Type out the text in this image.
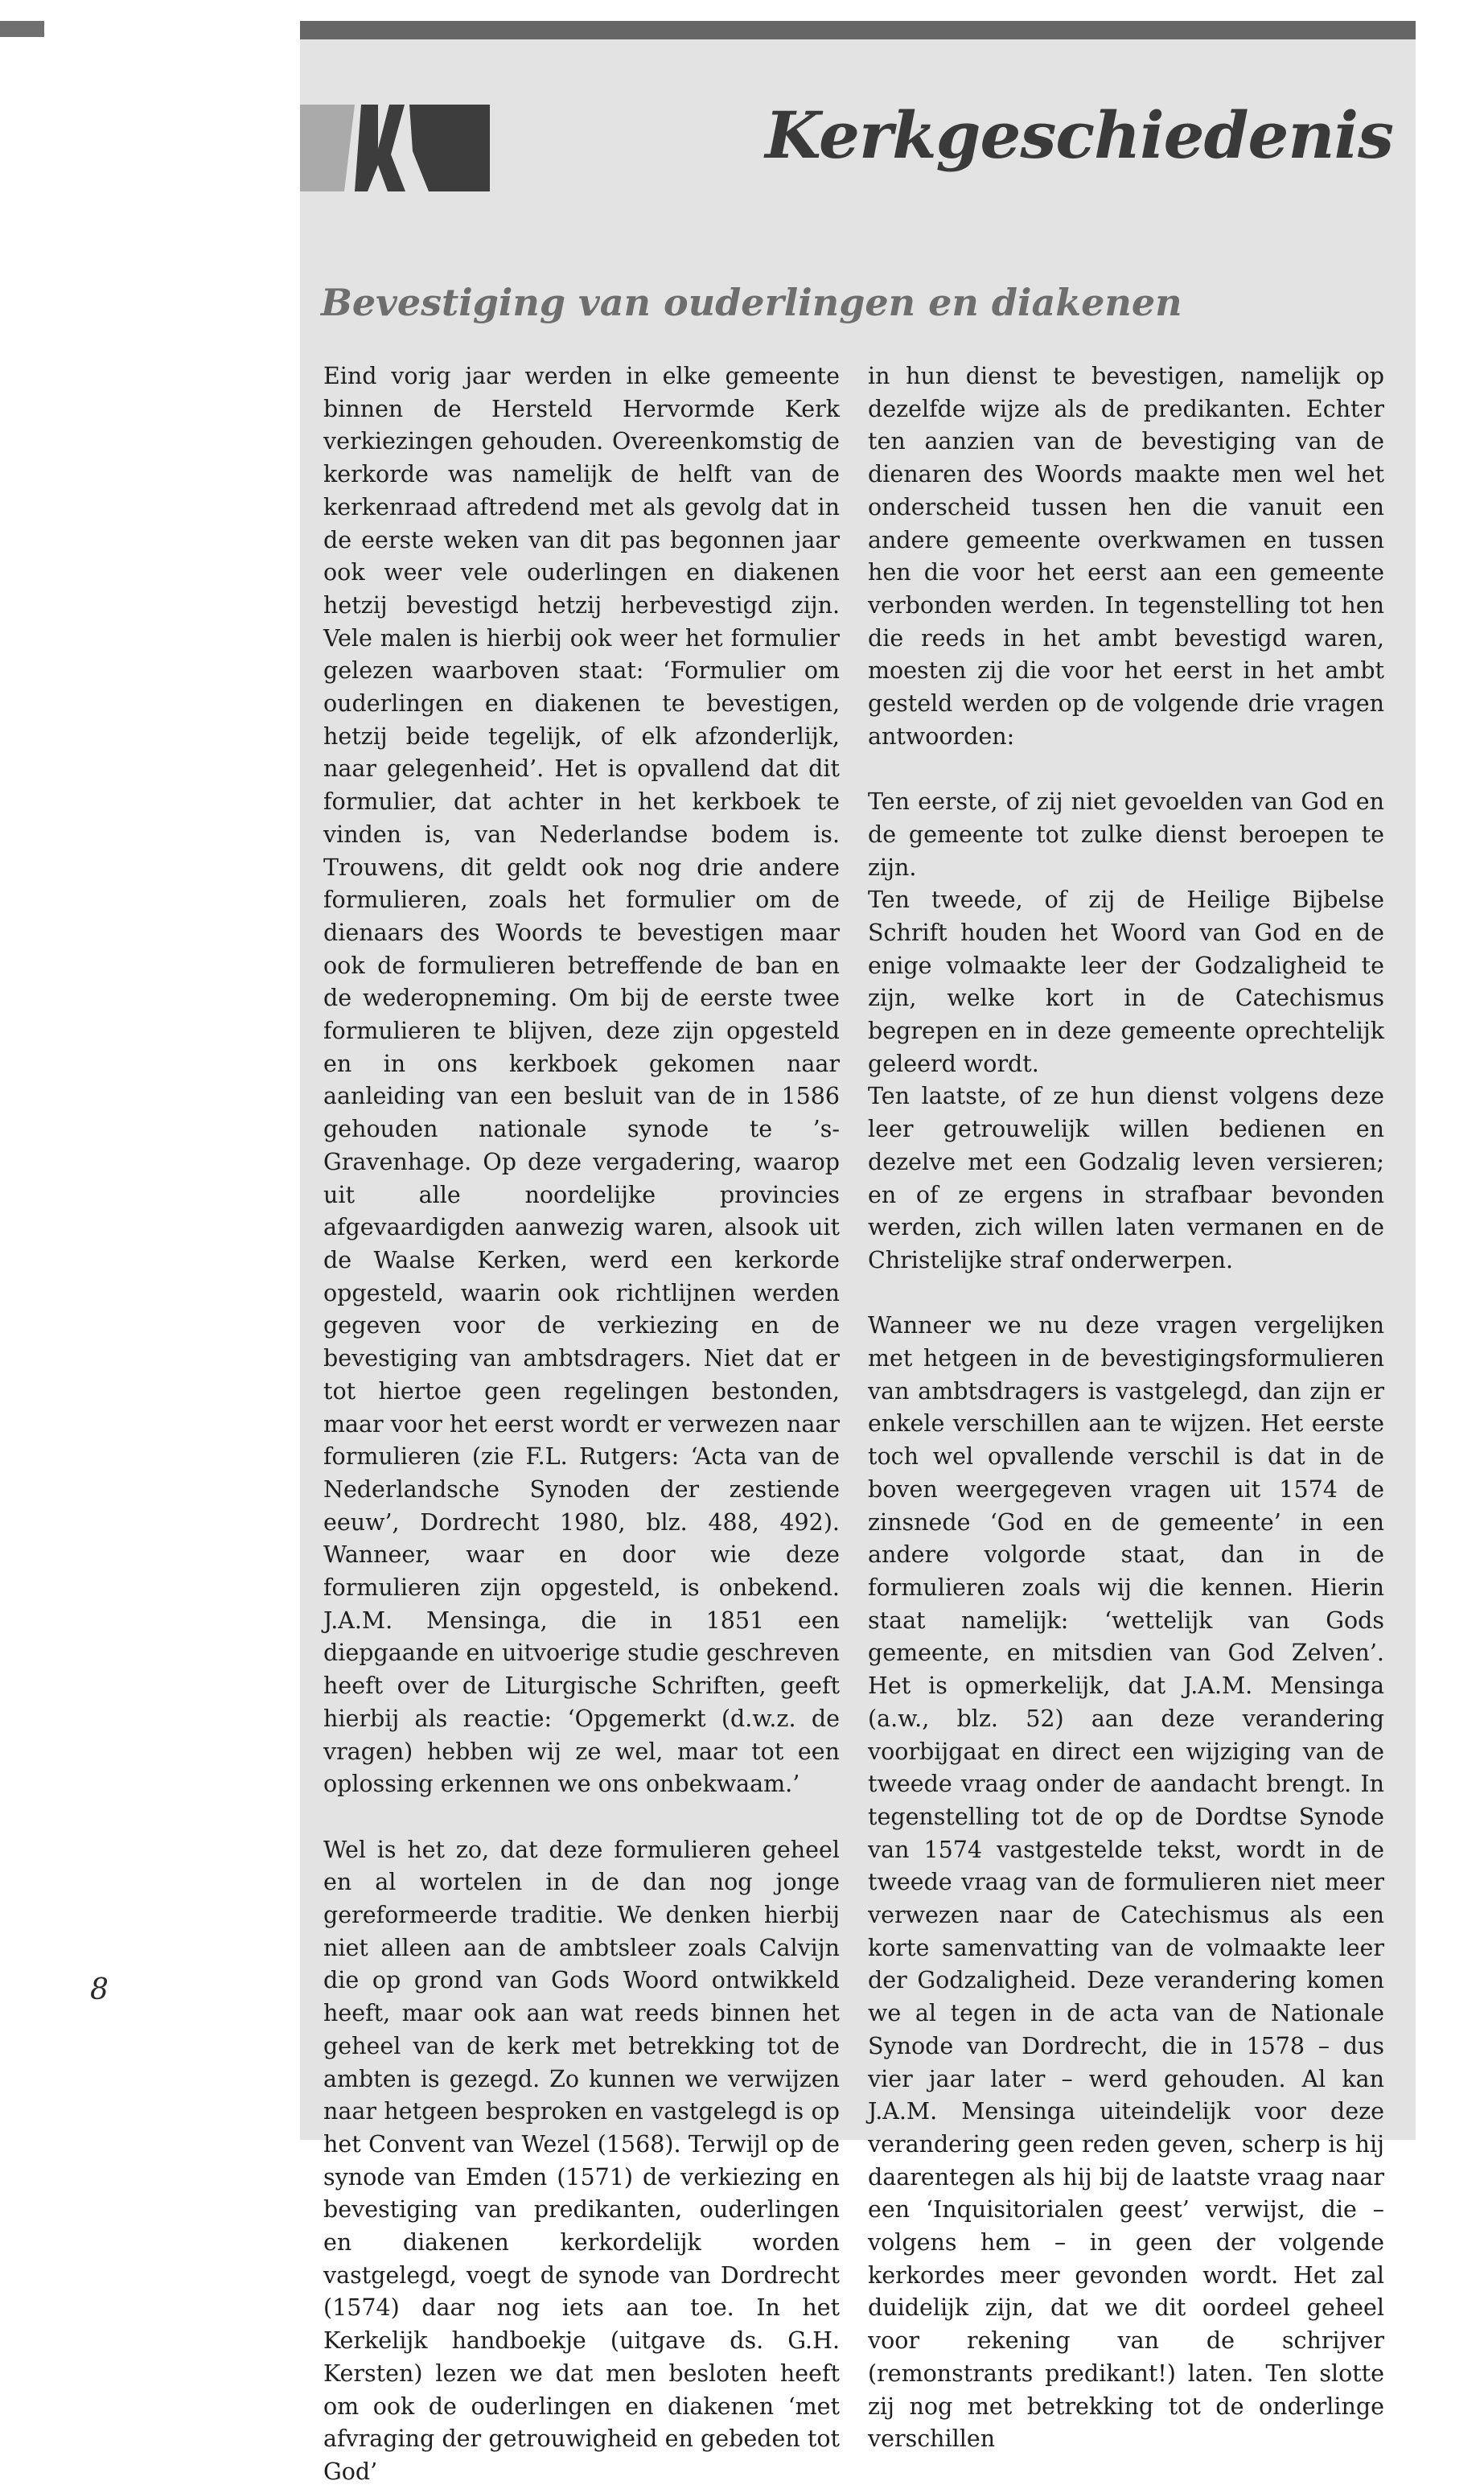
Kerkgeschiedenis
Bevestiging van ouderlingen en diakenen

Eind vorig jaar werden in elke gemeente binnen de Hersteld Hervormde Kerk verkiezingen gehouden. Overeenkomstig de kerkorde was namelijk de helft van de kerkenraad aftredend met als gevolg dat in de eerste weken van dit pas begonnen jaar ook weer vele ouderlingen en diakenen hetzij bevestigd hetzij herbevestigd zijn. Vele malen is hierbij ook weer het formulier gelezen waarboven staat: ‘Formulier om ouderlingen en diakenen te bevestigen, hetzij beide tegelijk, of elk afzonderlijk, naar gelegenheid’. Het is opvallend dat dit formulier, dat achter in het kerkboek te vinden is, van Nederlandse bodem is. Trouwens, dit geldt ook nog drie andere formulieren, zoals het formulier om de dienaars des Woords te bevestigen maar ook de formulieren betreffende de ban en de wederopneming. Om bij de eerste twee formulieren te blijven, deze zijn opgesteld en in ons kerkboek gekomen naar aanleiding van een besluit van de in 1586 gehouden nationale synode te ’s-Gravenhage. Op deze vergadering, waarop uit alle noordelijke provincies afgevaardigden aanwezig waren, alsook uit de Waalse Kerken, werd een kerkorde opgesteld, waarin ook richtlijnen werden gegeven voor de verkiezing en de bevestiging van ambtsdragers. Niet dat er tot hiertoe geen regelingen bestonden, maar voor het eerst wordt er verwezen naar formulieren (zie F.L. Rutgers: ‘Acta van de Nederlandsche Synoden der zestiende eeuw’, Dordrecht 1980, blz. 488, 492). Wanneer, waar en door wie deze formulieren zijn opgesteld, is onbekend. J.A.M. Mensinga, die in 1851 een diepgaande en uitvoerige studie geschreven heeft over de Liturgische Schriften, geeft hierbij als reactie: ‘Opgemerkt (d.w.z. de vragen) hebben wij ze wel, maar tot een oplossing erkennen we ons onbekwaam.’

Wel is het zo, dat deze formulieren geheel en al wortelen in de dan nog jonge gereformeerde traditie. We denken hierbij niet alleen aan de ambtsleer zoals Calvijn die op grond van Gods Woord ontwikkeld heeft, maar ook aan wat reeds binnen het geheel van de kerk met betrekking tot de ambten is gezegd. Zo kunnen we verwijzen naar hetgeen besproken en vastgelegd is op het Convent van Wezel (1568). Terwijl op de synode van Emden (1571) de verkiezing en bevestiging van predikanten, ouderlingen en diakenen kerkordelijk worden vastgelegd, voegt de synode van Dordrecht (1574) daar nog iets aan toe. In het Kerkelijk handboekje (uitgave ds. G.H. Kersten) lezen we dat men besloten heeft om ook de ouderlingen en diakenen ‘met afvraging der getrouwigheid en gebeden tot God’

in hun dienst te bevestigen, namelijk op dezelfde wijze als de predikanten. Echter ten aanzien van de bevestiging van de dienaren des Woords maakte men wel het onderscheid tussen hen die vanuit een andere gemeente overkwamen en tussen hen die voor het eerst aan een gemeente verbonden werden. In tegenstelling tot hen die reeds in het ambt bevestigd waren, moesten zij die voor het eerst in het ambt gesteld werden op de volgende drie vragen antwoorden:

Ten eerste, of zij niet gevoelden van God en de gemeente tot zulke dienst beroepen te zijn.

Ten tweede, of zij de Heilige Bijbelse Schrift houden het Woord van God en de enige volmaakte leer der Godzaligheid te zijn, welke kort in de Catechismus begrepen en in deze gemeente oprechtelijk geleerd wordt.

Ten laatste, of ze hun dienst volgens deze leer getrouwelijk willen bedienen en dezelve met een Godzalig leven versieren; en of ze ergens in strafbaar bevonden werden, zich willen laten vermanen en de Christelijke straf onderwerpen.

Wanneer we nu deze vragen vergelijken met hetgeen in de bevestigingsformulieren van ambtsdragers is vastgelegd, dan zijn er enkele verschillen aan te wijzen. Het eerste toch wel opvallende verschil is dat in de boven weergegeven vragen uit 1574 de zinsnede ‘God en de gemeente’ in een andere volgorde staat, dan in de formulieren zoals wij die kennen. Hierin staat namelijk: ‘wettelijk van Gods gemeente, en mitsdien van God Zelven’. Het is opmerkelijk, dat J.A.M. Mensinga (a.w., blz. 52) aan deze verandering voorbijgaat en direct een wijziging van de tweede vraag onder de aandacht brengt. In tegenstelling tot de op de Dordtse Synode van 1574 vastgestelde tekst, wordt in de tweede vraag van de formulieren niet meer verwezen naar de Catechismus als een korte samenvatting van de volmaakte leer der Godzaligheid. Deze verandering komen we al tegen in de acta van de Nationale Synode van Dordrecht, die in 1578 – dus vier jaar later – werd gehouden. Al kan J.A.M. Mensinga uiteindelijk voor deze verandering geen reden geven, scherp is hij daarentegen als hij bij de laatste vraag naar een ‘Inquisitorialen geest’ verwijst, die – volgens hem – in geen der volgende kerkordes meer gevonden wordt. Het zal duidelijk zijn, dat we dit oordeel geheel voor rekening van de schrijver (remonstrants predikant!) laten. Ten slotte zij nog met betrekking tot de onderlinge verschillen

8
